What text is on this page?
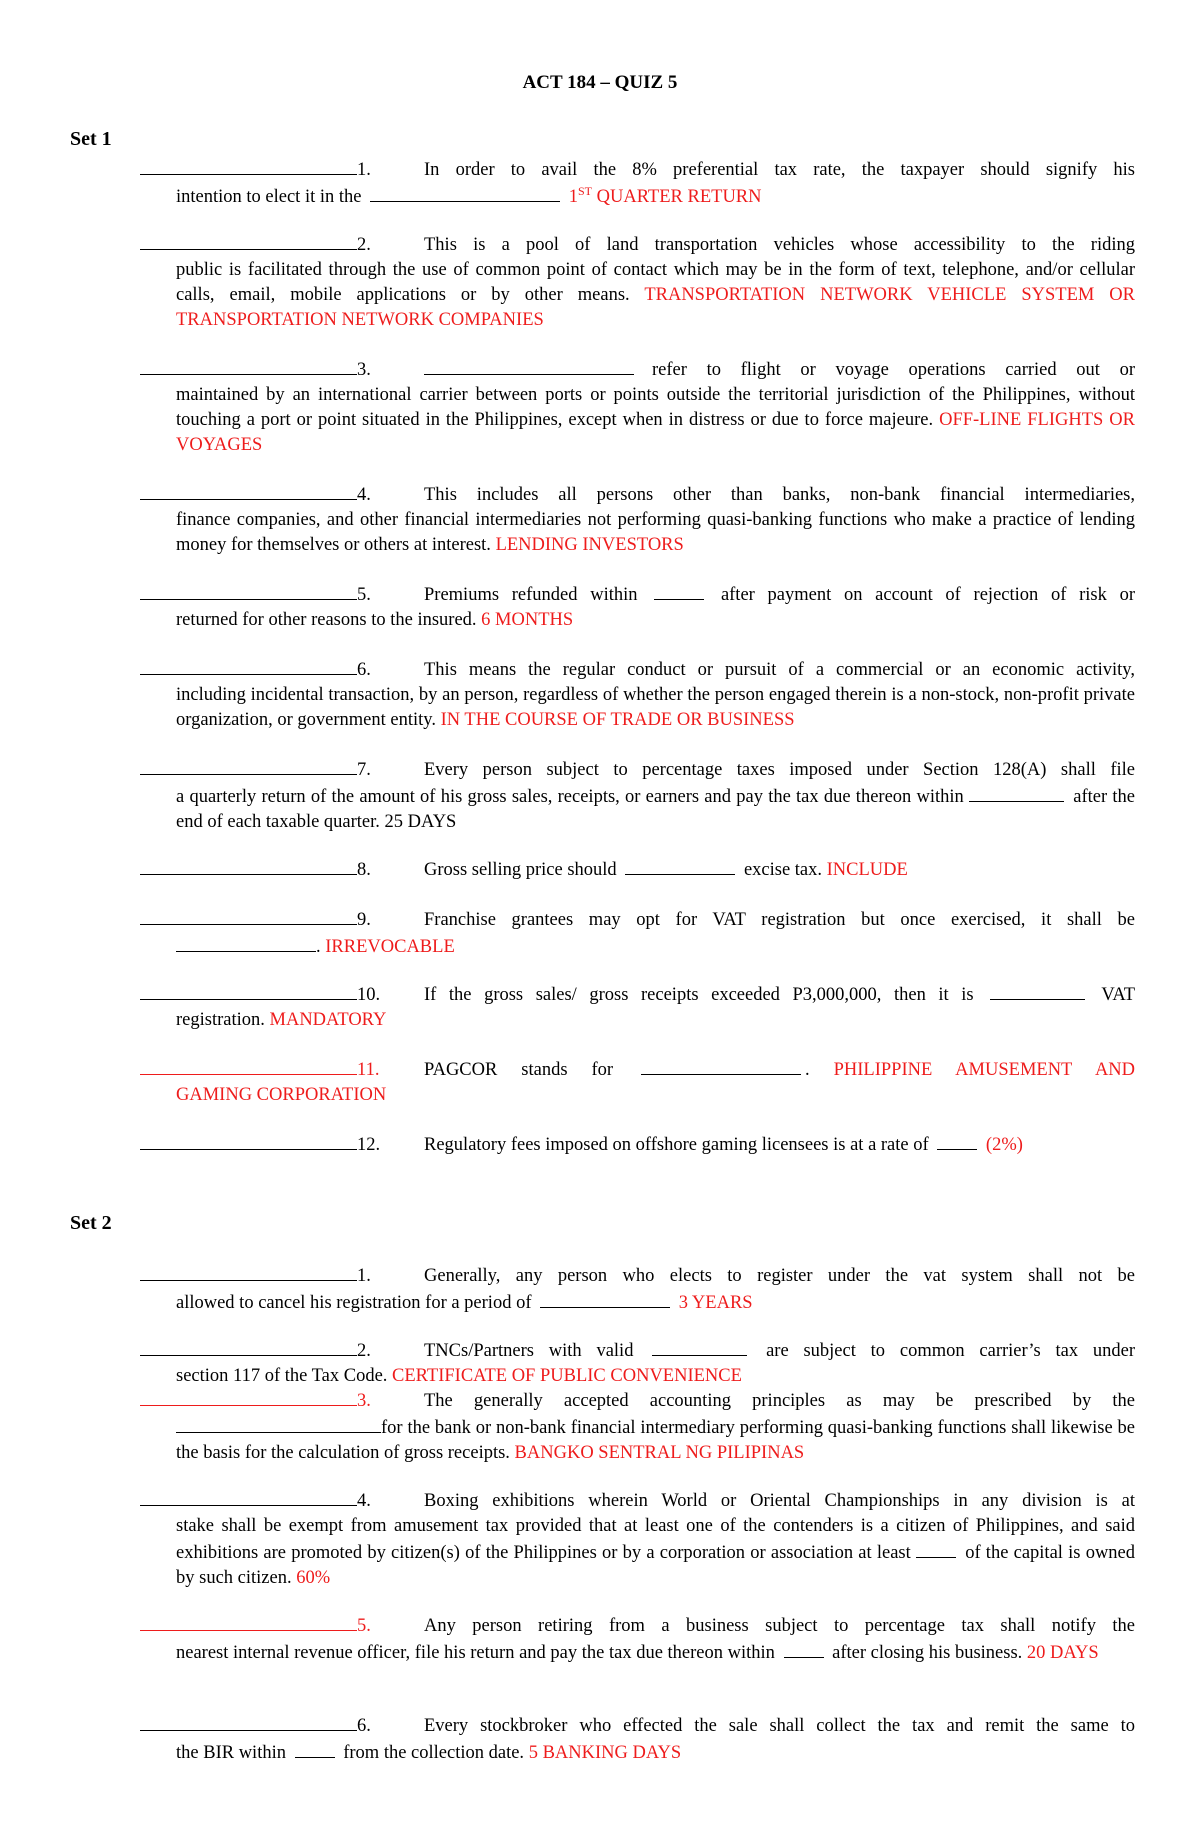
ACT 184 – QUIZ 5
Set 1
1.	In order to avail the 8% preferential tax rate, the taxpayer should signify his
intention to elect it in the	1ST QUARTER RETURN
2.	This is a pool of land transportation vehicles whose accessibility to the riding
public is facilitated through the use of common point of contact which may be in the form of text, telephone, and/or cellular calls, email, mobile applications or by other means. TRANSPORTATION NETWORK VEHICLE SYSTEM OR TRANSPORTATION NETWORK COMPANIES
3.	refer to flight or voyage operations carried out or
maintained by an international carrier between ports or points outside the territorial jurisdiction of the Philippines, without touching a port or point situated in the Philippines, except when in distress or due to force majeure. OFF-LINE FLIGHTS OR VOYAGES
4.	This includes all persons other than banks, non-bank financial intermediaries,
finance companies, and other financial intermediaries not performing quasi-banking functions who make a practice of lending money for themselves or others at interest. LENDING INVESTORS
5.	Premiums refunded within	after payment on account of rejection of risk or
returned for other reasons to the insured. 6 MONTHS
6.	This means the regular conduct or pursuit of a commercial or an economic activity,
including incidental transaction, by an person, regardless of whether the person engaged therein is a non-stock, non-profit private organization, or government entity. IN THE COURSE OF TRADE OR BUSINESS
7.	Every person subject to percentage taxes imposed under Section 128(A) shall file
a quarterly return of the amount of his gross sales, receipts, or earners and pay the tax due thereon within	after the end of each taxable quarter. 25 DAYS
8.	Gross selling price should	excise tax. INCLUDE
9.	Franchise grantees may opt for VAT registration but once exercised, it shall be
. IRREVOCABLE
10.	If the gross sales/ gross receipts exceeded P3,000,000, then it is	VAT
registration. MANDATORY
11.	PAGCOR stands for	. PHILIPPINE AMUSEMENT AND
GAMING CORPORATION
12.	Regulatory fees imposed on offshore gaming licensees is at a rate of	(2%)
Set 2
1.	Generally, any person who elects to register under the vat system shall not be
allowed to cancel his registration for a period of	3 YEARS
2.	TNCs/Partners with valid	are subject to common carrier’s tax under
section 117 of the Tax Code. CERTIFICATE OF PUBLIC CONVENIENCE
3.	The generally accepted accounting principles as may be prescribed by the
for the bank or non-bank financial intermediary performing quasi-banking functions shall likewise be the basis for the calculation of gross receipts. BANGKO SENTRAL NG PILIPINAS
4.	Boxing exhibitions wherein World or Oriental Championships in any division is at
stake shall be exempt from amusement tax provided that at least one of the contenders is a citizen of Philippines, and said exhibitions are promoted by citizen(s) of the Philippines or by a corporation or association at least	of the capital is owned by such citizen. 60%
5.	Any person retiring from a business subject to percentage tax shall notify the
nearest internal revenue officer, file his return and pay the tax due thereon within	after closing his business. 20 DAYS
6.	Every stockbroker who effected the sale shall collect the tax and remit the same to
the BIR within	from the collection date. 5 BANKING DAYS
